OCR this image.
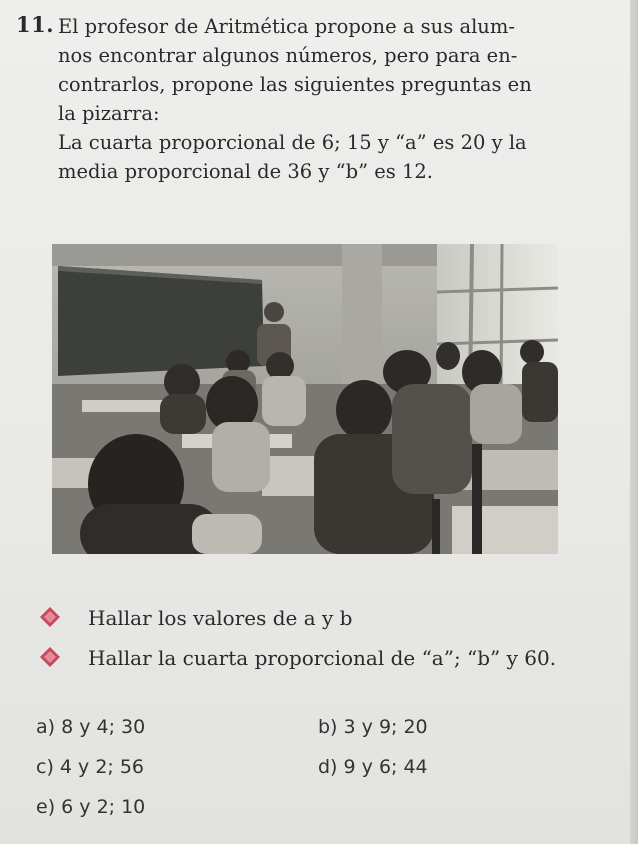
11. El profesor de Aritmética propone a sus alum-

nos encontrar algunos números, pero para en-

contrarlos, propone las siguientes preguntas en

la pizarra:

La cuarta proporcional de 6; 15 y “a” es 20 y la

media proporcional de 36 y “b” es 12.

Hallar los valores de a y b
Hallar la cuarta proporcional de “a”; “b” y 60.
a) 8 y 4; 30	b) 3 y 9; 20
c) 4 y 2; 56	d) 9 y 6; 44
e) 6 y 2; 10
